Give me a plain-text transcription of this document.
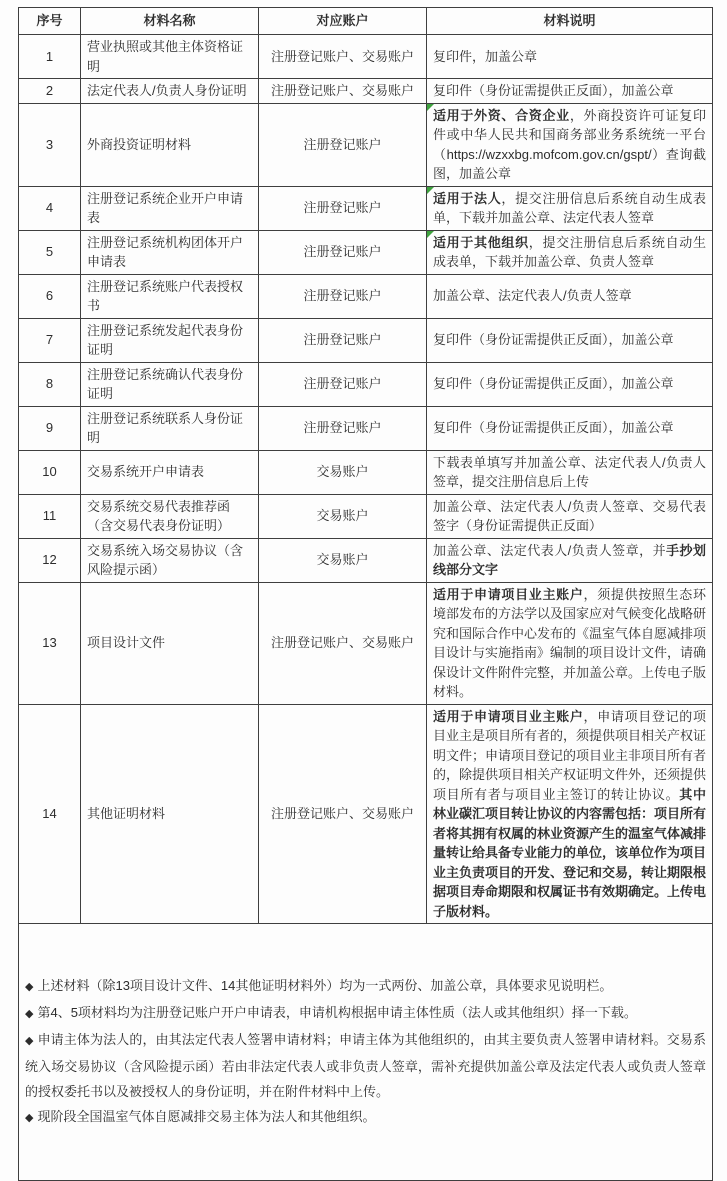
序号	材料名称	对应账户	材料说明
1	营业执照或其他主体资格证明	注册登记账户、交易账户	复印件，加盖公章
2	法定代表人/负责人身份证明	注册登记账户、交易账户	复印件（身份证需提供正反面），加盖公章
3	外商投资证明材料	注册登记账户	适用于外资、合资企业，外商投资许可证复印件或中华人民共和国商务部业务系统统一平台（https://wzxxbg.mofcom.gov.cn/gspt/）查询截图，加盖公章
4	注册登记系统企业开户申请表	注册登记账户	适用于法人，提交注册信息后系统自动生成表单，下载并加盖公章、法定代表人签章
5	注册登记系统机构团体开户申请表	注册登记账户	适用于其他组织，提交注册信息后系统自动生成表单，下载并加盖公章、负责人签章
6	注册登记系统账户代表授权书	注册登记账户	加盖公章、法定代表人/负责人签章
7	注册登记系统发起代表身份证明	注册登记账户	复印件（身份证需提供正反面），加盖公章
8	注册登记系统确认代表身份证明	注册登记账户	复印件（身份证需提供正反面），加盖公章
9	注册登记系统联系人身份证明	注册登记账户	复印件（身份证需提供正反面），加盖公章
10	交易系统开户申请表	交易账户	下载表单填写并加盖公章、法定代表人/负责人签章，提交注册信息后上传
11	交易系统交易代表推荐函（含交易代表身份证明）	交易账户	加盖公章、法定代表人/负责人签章、交易代表签字（身份证需提供正反面）
12	交易系统入场交易协议（含风险提示函）	交易账户	加盖公章、法定代表人/负责人签章，并手抄划线部分文字
13	项目设计文件	注册登记账户、交易账户	适用于申请项目业主账户，须提供按照生态环境部发布的方法学以及国家应对气候变化战略研究和国际合作中心发布的《温室气体自愿减排项目设计与实施指南》编制的项目设计文件，请确保设计文件附件完整，并加盖公章。上传电子版材料。
14	其他证明材料	注册登记账户、交易账户	适用于申请项目业主账户，申请项目登记的项目业主是项目所有者的，须提供项目相关产权证明文件；申请项目登记的项目业主非项目所有者的，除提供项目相关产权证明文件外，还须提供项目所有者与项目业主签订的转让协议。其中林业碳汇项目转让协议的内容需包括：项目所有者将其拥有权属的林业资源产生的温室气体减排量转让给具备专业能力的单位，该单位作为项目业主负责项目的开发、登记和交易，转让期限根据项目寿命期限和权属证书有效期确定。上传电子版材料。

◆ 上述材料（除13项目设计文件、14其他证明材料外）均为一式两份、加盖公章，具体要求见说明栏。
◆ 第4、5项材料均为注册登记账户开户申请表，申请机构根据申请主体性质（法人或其他组织）择一下载。
◆ 申请主体为法人的，由其法定代表人签署申请材料；申请主体为其他组织的，由其主要负责人签署申请材料。交易系统入场交易协议（含风险提示函）若由非法定代表人或非负责人签章，需补充提供加盖公章及法定代表人或负责人签章的授权委托书以及被授权人的身份证明，并在附件材料中上传。
◆ 现阶段全国温室气体自愿减排交易主体为法人和其他组织。			
